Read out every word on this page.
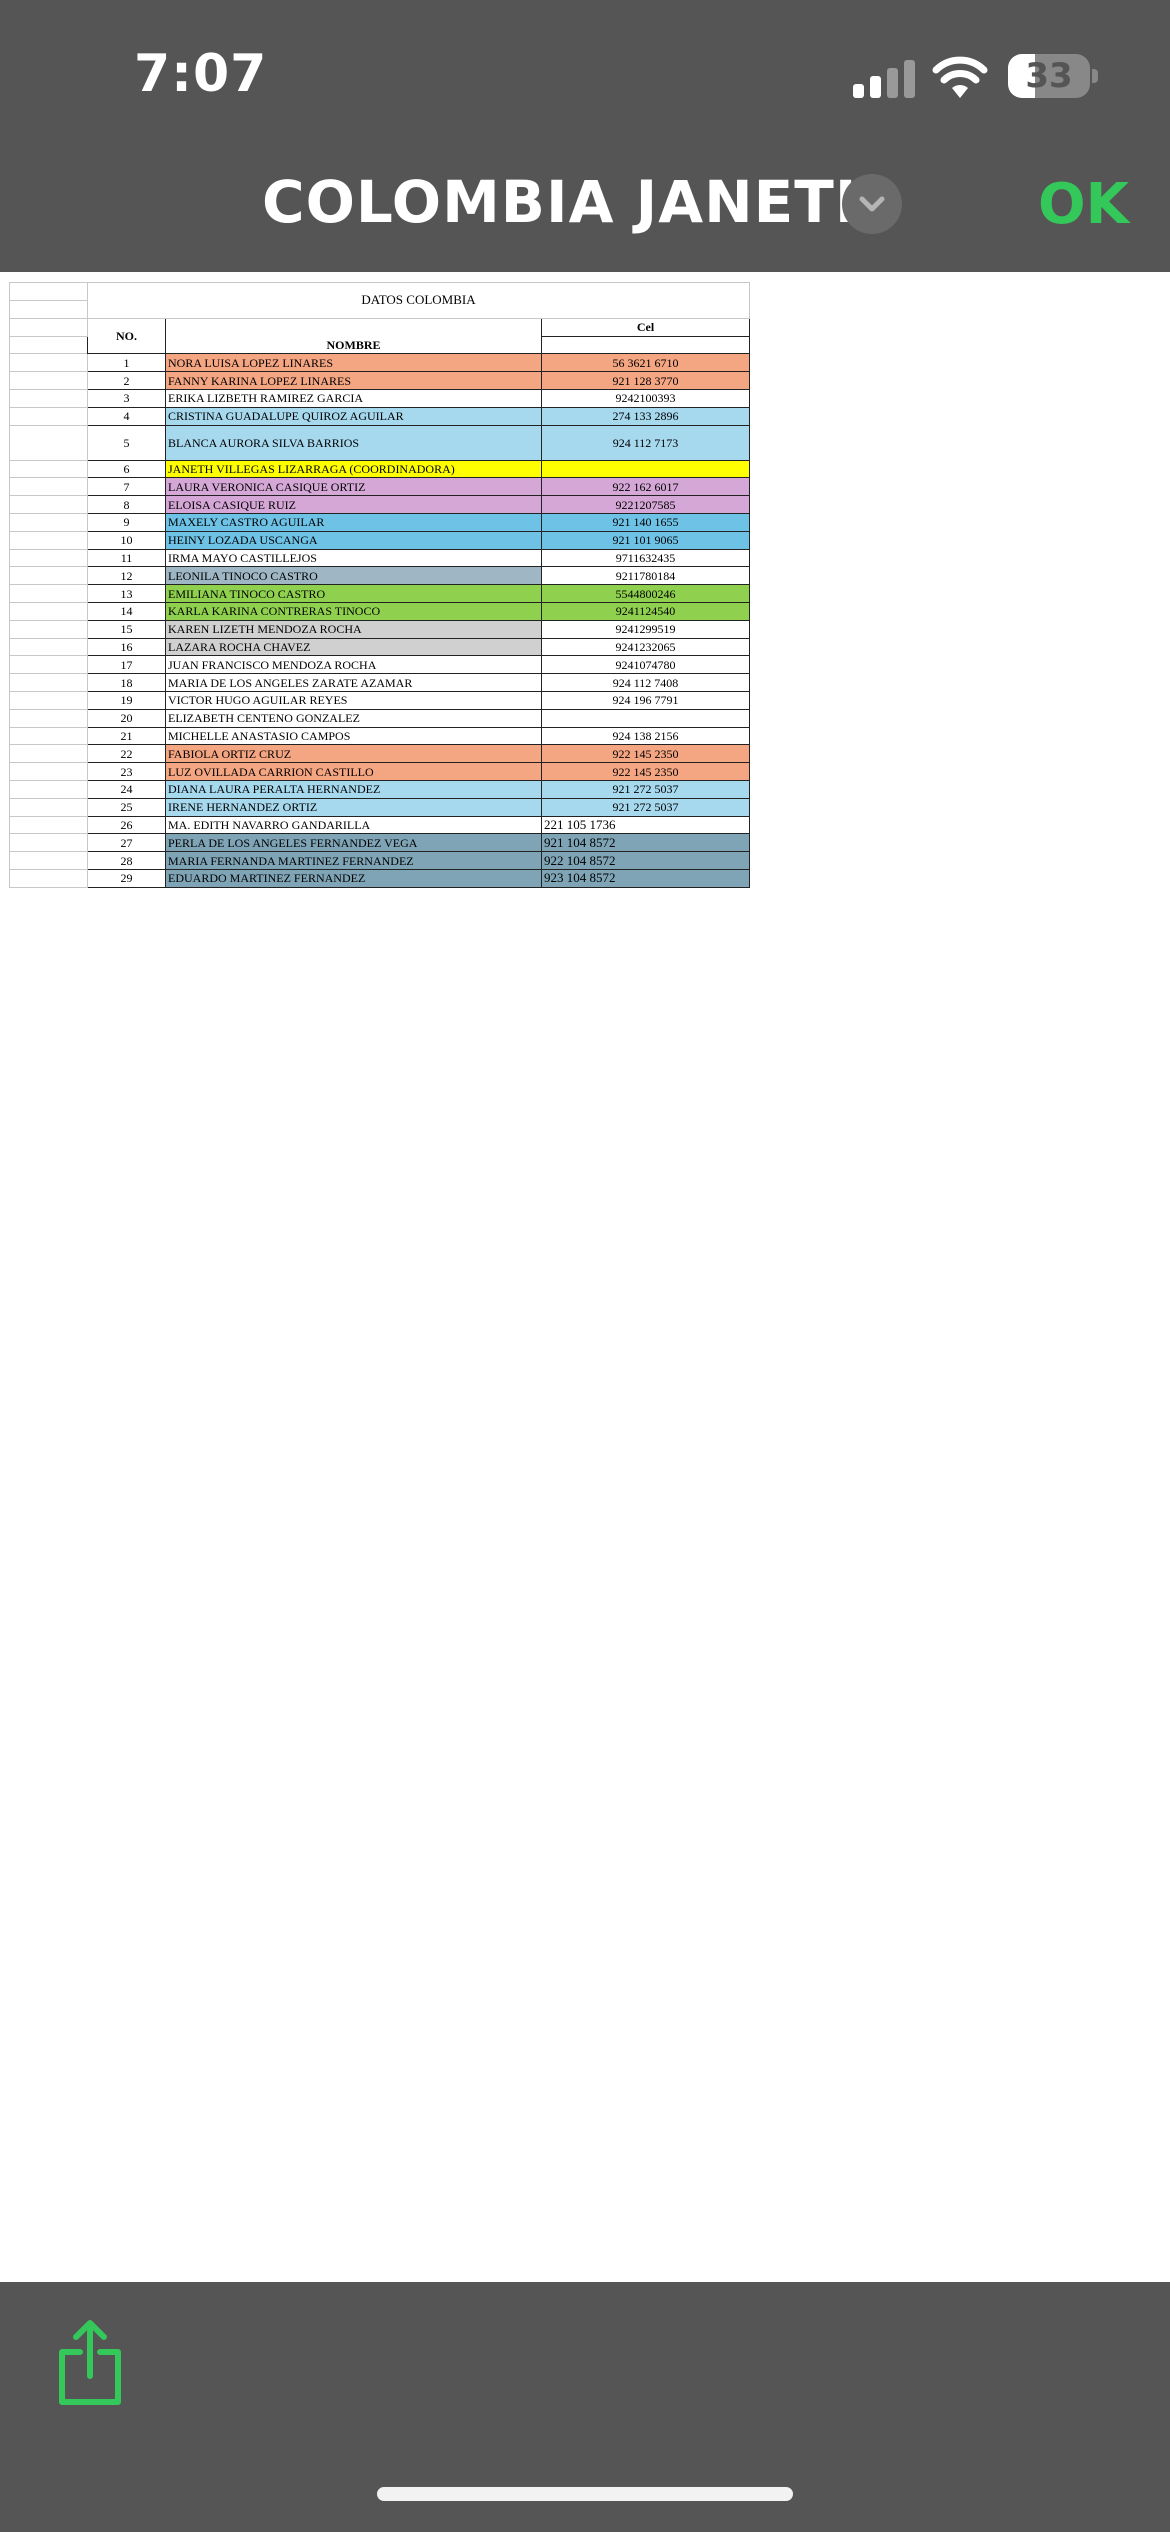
7:07	33
COLOMBIA JANETH	OK
	DATOS COLOMBIA		

	NO.	NOMBRE	Cel

	1	NORA LUISA LOPEZ LINARES	56 3621 6710
	2	FANNY KARINA LOPEZ LINARES	921 128 3770
	3	ERIKA LIZBETH RAMIREZ GARCIA	9242100393
	4	CRISTINA GUADALUPE QUIROZ AGUILAR	274 133 2896
	5	BLANCA AURORA SILVA BARRIOS	924 112 7173
	6	JANETH VILLEGAS LIZARRAGA (COORDINADORA)	
	7	LAURA VERONICA CASIQUE ORTIZ	922 162 6017
	8	ELOISA CASIQUE RUIZ	9221207585
	9	MAXELY CASTRO AGUILAR	921 140 1655
	10	HEINY LOZADA USCANGA	921 101 9065
	11	IRMA MAYO CASTILLEJOS	9711632435
	12	LEONILA TINOCO CASTRO	9211780184
	13	EMILIANA TINOCO CASTRO	5544800246
	14	KARLA KARINA CONTRERAS TINOCO	9241124540
	15	KAREN LIZETH MENDOZA ROCHA	9241299519
	16	LAZARA ROCHA CHAVEZ	9241232065
	17	JUAN FRANCISCO MENDOZA ROCHA	9241074780
	18	MARIA DE LOS ANGELES ZARATE AZAMAR	924 112 7408
	19	VICTOR HUGO AGUILAR REYES	924 196 7791
	20	ELIZABETH CENTENO GONZALEZ	
	21	MICHELLE ANASTASIO CAMPOS	924 138 2156
	22	FABIOLA ORTIZ CRUZ	922 145 2350
	23	LUZ OVILLADA CARRION CASTILLO	922 145 2350
	24	DIANA LAURA PERALTA HERNANDEZ	921 272 5037
	25	IRENE HERNANDEZ ORTIZ	921 272 5037
	26	MA. EDITH NAVARRO GANDARILLA	221 105 1736
	27	PERLA DE LOS ANGELES FERNANDEZ VEGA	921 104 8572
	28	MARIA FERNANDA MARTINEZ FERNANDEZ	922 104 8572
	29	EDUARDO MARTINEZ FERNANDEZ	923 104 8572
